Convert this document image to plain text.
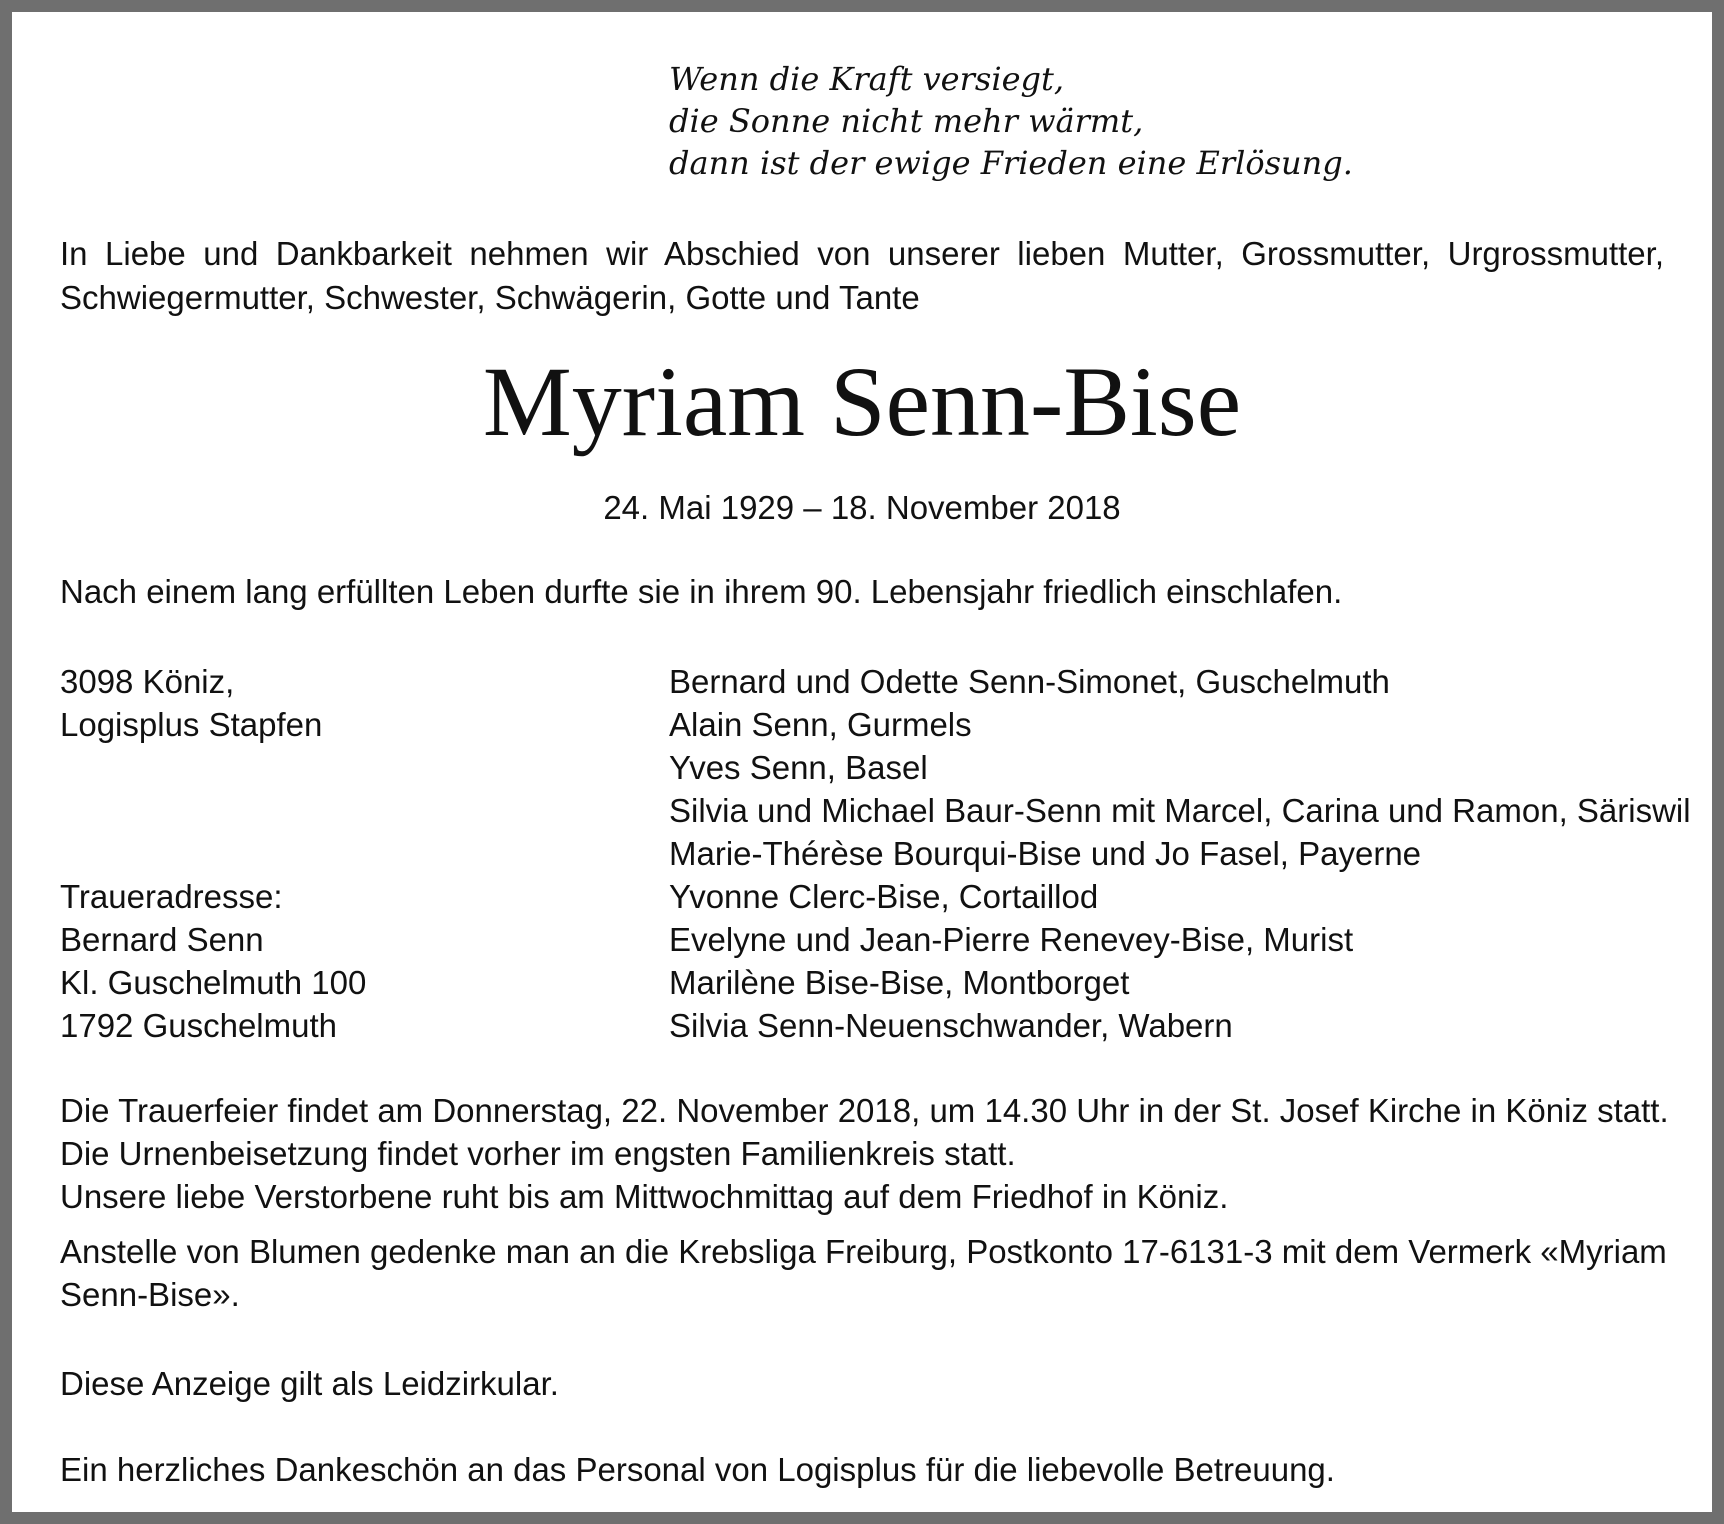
Wenn die Kraft versiegt,
die Sonne nicht mehr wärmt,
dann ist der ewige Frieden eine Erlösung.
In Liebe und Dankbarkeit nehmen wir Abschied von unserer lieben Mutter, Grossmutter, Urgrossmutter,
Schwiegermutter, Schwester, Schwägerin, Gotte und Tante
Myriam Senn-Bise
24. Mai 1929 – 18. November 2018
Nach einem lang erfüllten Leben durfte sie in ihrem 90. Lebensjahr friedlich einschlafen.
3098 Köniz,
Logisplus Stapfen
Traueradresse:
Bernard Senn
Kl. Guschelmuth 100
1792 Guschelmuth
Bernard und Odette Senn-Simonet, Guschelmuth
Alain Senn, Gurmels
Yves Senn, Basel
Silvia und Michael Baur-Senn mit Marcel, Carina und Ramon, Säriswil
Marie-Thérèse Bourqui-Bise und Jo Fasel, Payerne
Yvonne Clerc-Bise, Cortaillod
Evelyne und Jean-Pierre Renevey-Bise, Murist
Marilène Bise-Bise, Montborget
Silvia Senn-Neuenschwander, Wabern
Die Trauerfeier findet am Donnerstag, 22. November 2018, um 14.30 Uhr in der St. Josef Kirche in Köniz statt.
Die Urnenbeisetzung findet vorher im engsten Familienkreis statt.
Unsere liebe Verstorbene ruht bis am Mittwochmittag auf dem Friedhof in Köniz.
Anstelle von Blumen gedenke man an die Krebsliga Freiburg, Postkonto 17-6131-3 mit dem Vermerk «Myriam
Senn-Bise».
Diese Anzeige gilt als Leidzirkular.
Ein herzliches Dankeschön an das Personal von Logisplus für die liebevolle Betreuung.
